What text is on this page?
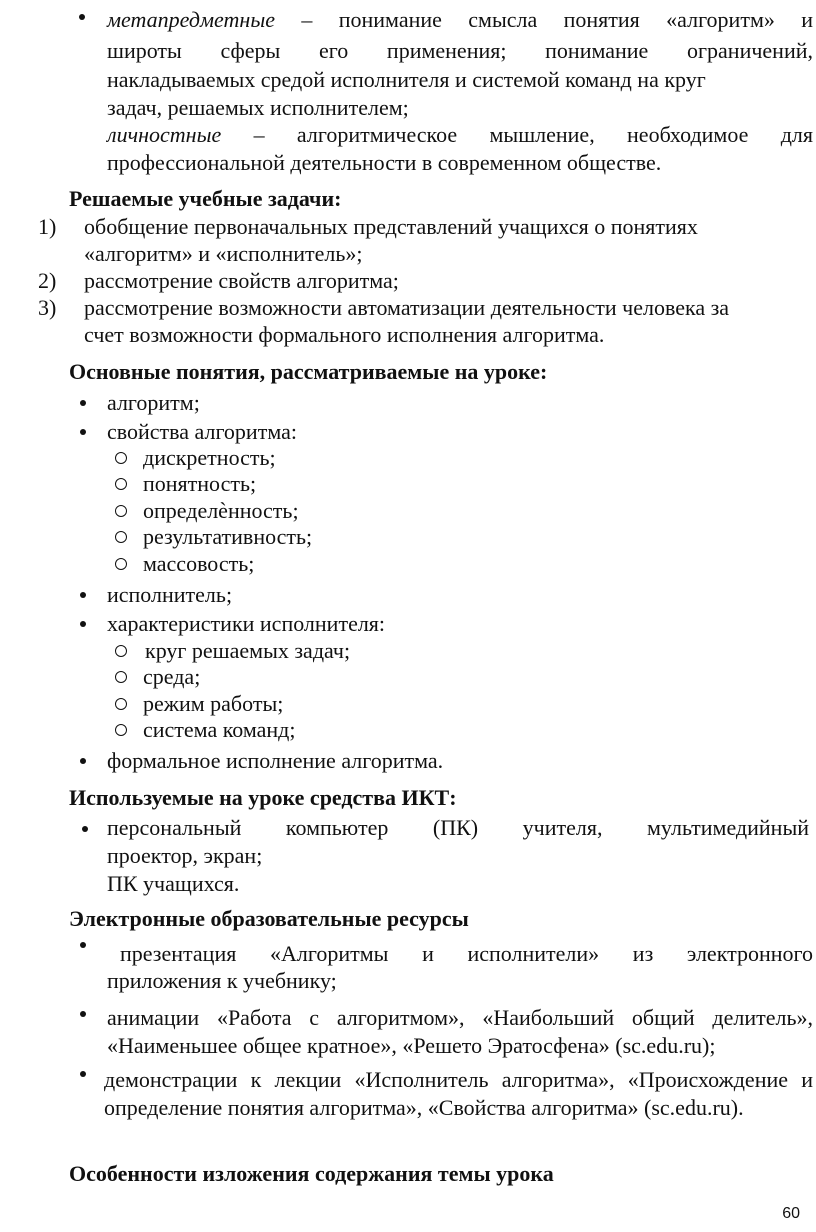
метапредметные – понимание смысла понятия «алгоритм» и
широты сферы его применения; понимание ограничений,
накладываемых средой исполнителя и системой команд на круг
задач, решаемых исполнителем;
личностные – алгоритмическое мышление, необходимое для
профессиональной деятельности в современном обществе.
Решаемые учебные задачи:
1) обобщение первоначальных представлений учащихся о понятиях
«алгоритм» и «исполнитель»;
2) рассмотрение свойств алгоритма;
3) рассмотрение возможности автоматизации деятельности человека за
счет возможности формального исполнения алгоритма.
Основные понятия, рассматриваемые на уроке:
алгоритм;
свойства алгоритма:
дискретность;
понятность;
определѐнность;
результативность;
массовость;
исполнитель;
характеристики исполнителя:
круг решаемых задач;
среда;
режим работы;
система команд;
формальное исполнение алгоритма.
Используемые на уроке средства ИКТ:
персональный компьютер (ПК) учителя, мультимедийный
проектор, экран;
ПК учащихся.
Электронные образовательные ресурсы
презентация «Алгоритмы и исполнители» из электронного
приложения к учебнику;
анимации «Работа с алгоритмом», «Наибольший общий делитель»,
«Наименьшее общее кратное», «Решето Эратосфена» (sc.edu.ru);
демонстрации к лекции «Исполнитель алгоритма», «Происхождение и
определение понятия алгоритма», «Свойства алгоритма» (sc.edu.ru).
Особенности изложения содержания темы урока
60
